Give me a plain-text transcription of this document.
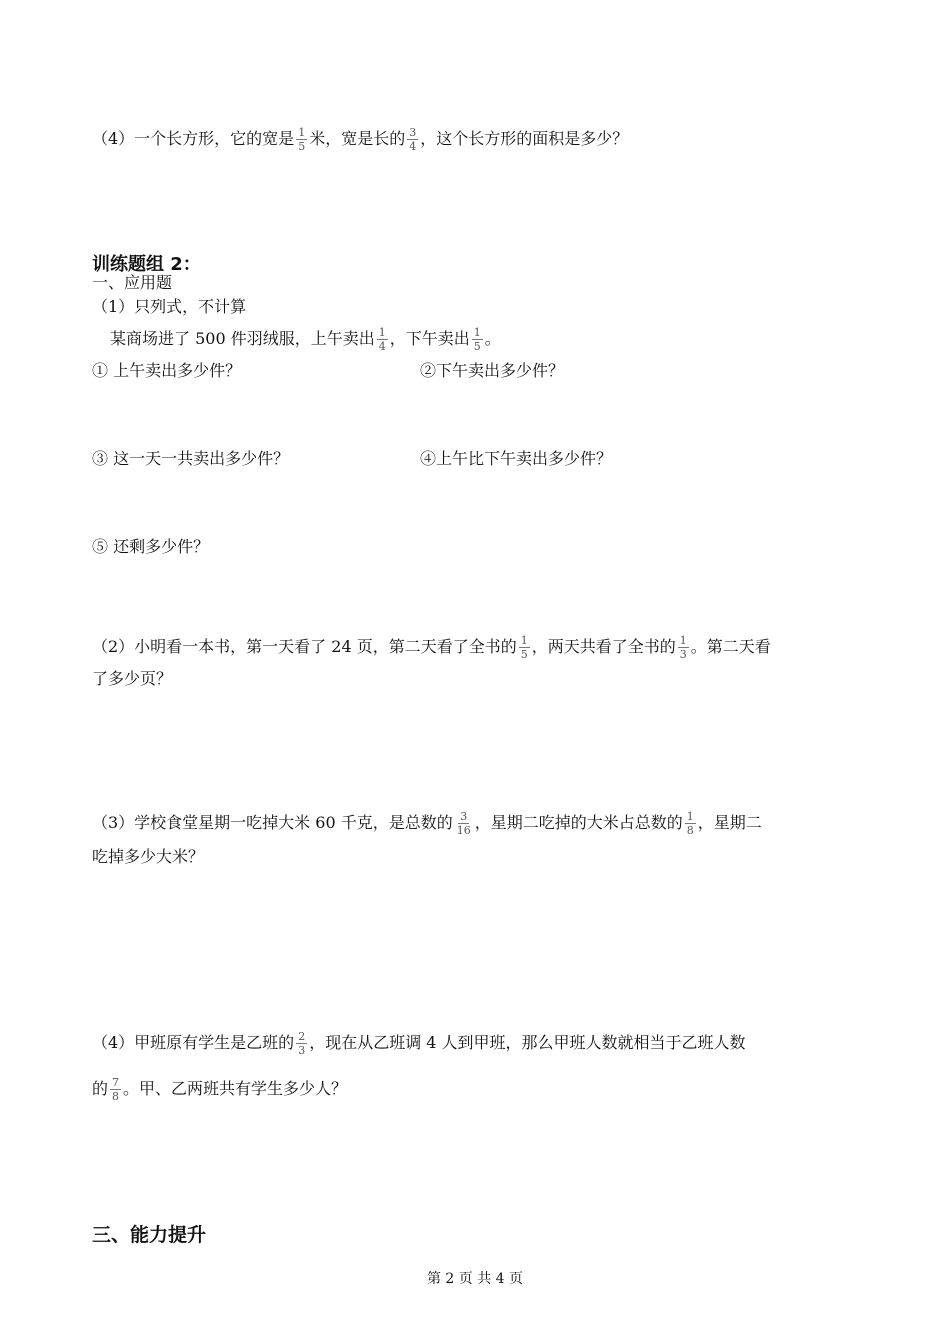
（4）一个长方形，它的宽是 $\frac{1}{5}$ 米，宽是长的 $\frac{3}{4}$ ，这个长方形的面积是多少？
训练题组 2：
一、应用题
（1）只列式，不计算
某商场进了 500 件羽绒服，上午卖出 $\frac{1}{4}$ ，下午卖出 $\frac{1}{5}$ 。
① 上午卖出多少件？	②下午卖出多少件？
③ 这一天一共卖出多少件？	④上午比下午卖出多少件？
⑤ 还剩多少件？
（2）小明看一本书，第一天看了 24 页，第二天看了全书的 $\frac{1}{5}$ ，两天共看了全书的 $\frac{1}{3}$ 。第二天看
了多少页？
（3）学校食堂星期一吃掉大米 60 千克，是总数的 $\frac{3}{16}$ ，星期二吃掉的大米占总数的 $\frac{1}{8}$ ，星期二
吃掉多少大米？
（4）甲班原有学生是乙班的 $\frac{2}{3}$ ，现在从乙班调 4 人到甲班，那么甲班人数就相当于乙班人数
的 $\frac{7}{8}$ 。甲、乙两班共有学生多少人？
三、能力提升
第 2 页 共 4 页
